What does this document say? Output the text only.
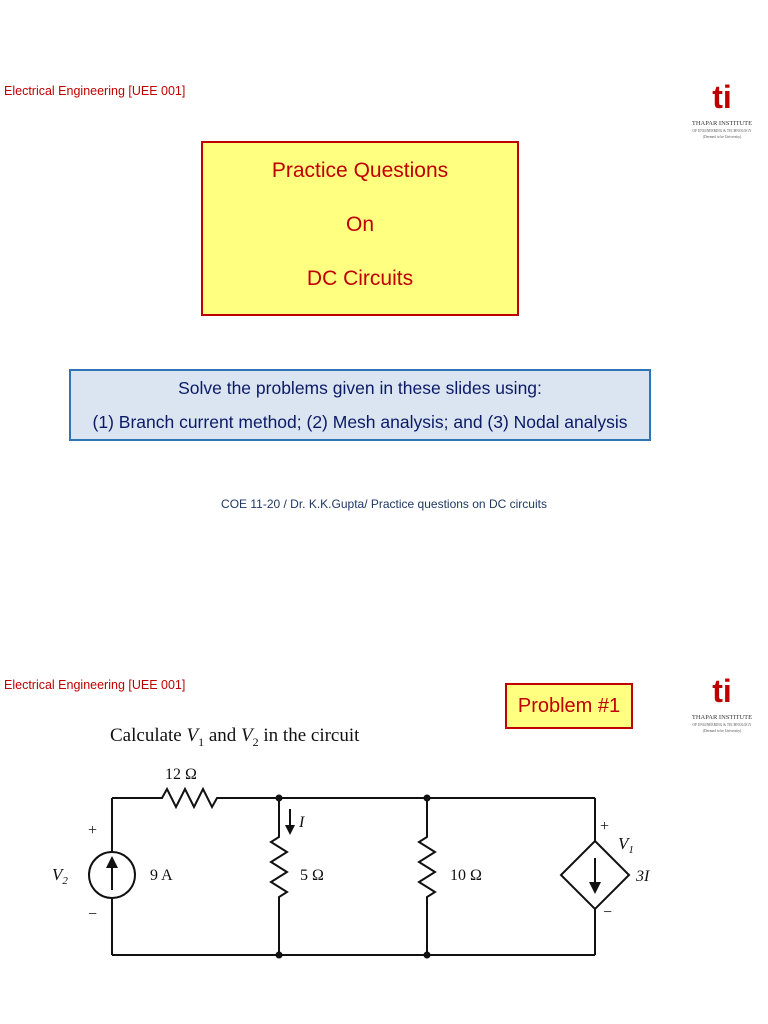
Electrical Engineering [UEE 001]	ti
THAPAR INSTITUTE
OF ENGINEERING & TECHNOLOGY
(Deemed to be University)
Practice Questions
On
DC Circuits
Solve the problems given in these slides using:
(1) Branch current method; (2) Mesh analysis; and (3) Nodal analysis
COE 11-20 / Dr. K.K.Gupta/ Practice questions on DC circuits
Electrical Engineering [UEE 001]
Problem #1	ti
THAPAR INSTITUTE
OF ENGINEERING & TECHNOLOGY
(Deemed to be University)
Calculate $V_1$ and $V_2$ in the circuit
12 Ω
I
5 Ω	10 Ω
9 A
+
−
$V_2$
+
−
$V_1$
3I
